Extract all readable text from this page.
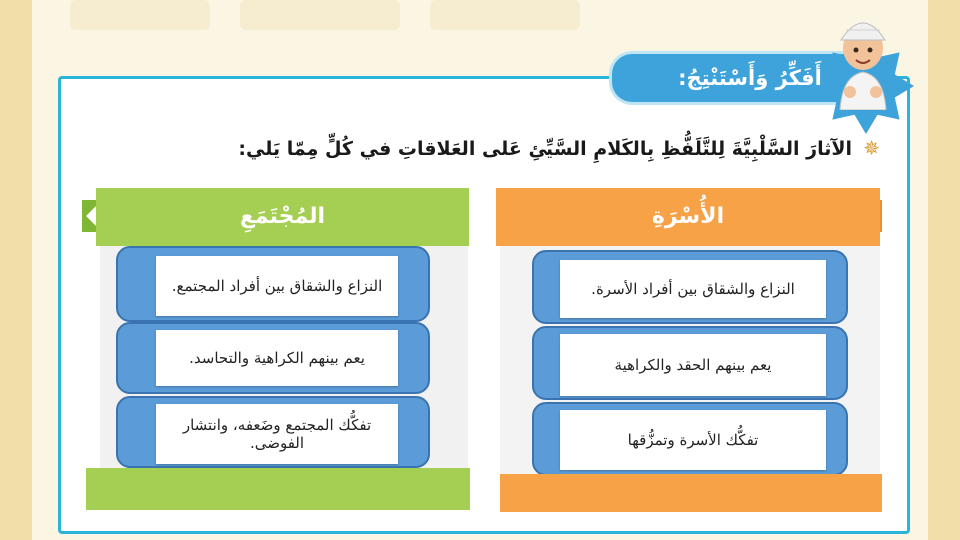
أَفَكِّرُ وَأَسْتَنْتِجُ:
✵
الآثارَ السَّلْبِيَّةَ لِلتَّلَفُّظِ بِالكَلامِ السَّيِّئِ عَلى العَلاقاتِ في كُلٍّ مِمّا يَلي:
المُجْتَمَعِ
النزاع والشقاق بين أفراد المجتمع.
يعم بينهم الكراهية والتحاسد.
تفكُّك المجتمع وضَعفه، وانتشار الفوضى.
الأُسْرَةِ
النزاع والشقاق بين أفراد الأسرة.
يعم بينهم الحقد والكراهية
تفكُّك الأسرة وتمزُّقها
